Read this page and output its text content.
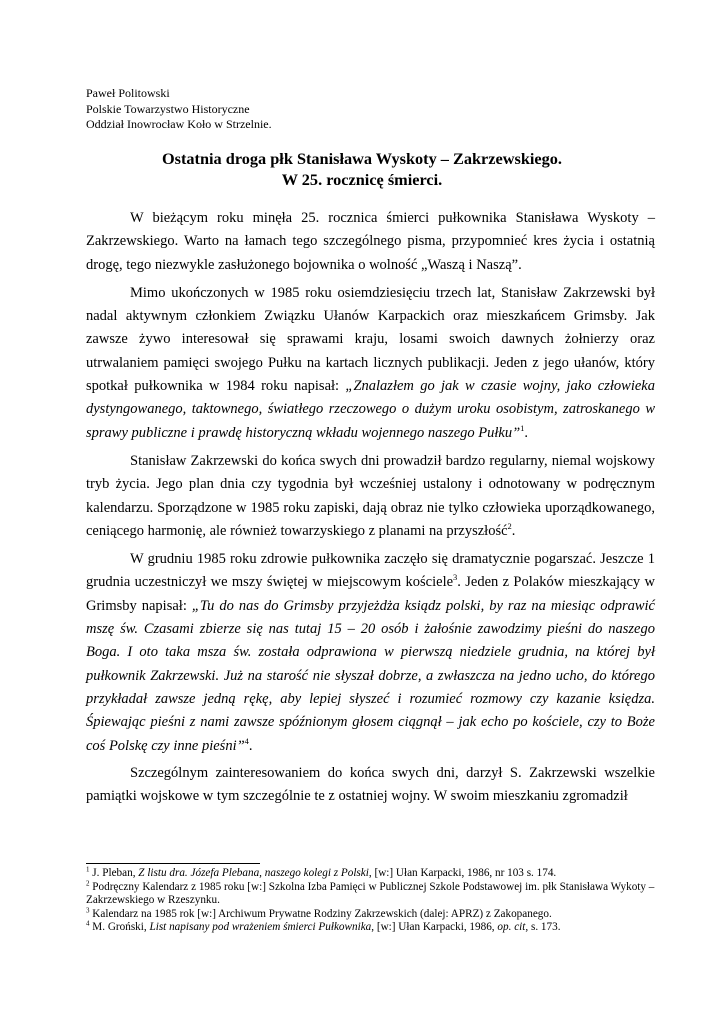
Paweł Politowski
Polskie Towarzystwo Historyczne
Oddział Inowrocław Koło w Strzelnie.
Ostatnia droga płk Stanisława Wyskoty – Zakrzewskiego.
W 25. rocznicę śmierci.

W bieżącym roku minęła 25. rocznica śmierci pułkownika Stanisława Wyskoty – Zakrzewskiego. Warto na łamach tego szczególnego pisma, przypomnieć kres życia i ostatnią drogę, tego niezwykle zasłużonego bojownika o wolność „Waszą i Naszą”.

Mimo ukończonych w 1985 roku osiemdziesięciu trzech lat, Stanisław Zakrzewski był nadal aktywnym członkiem Związku Ułanów Karpackich oraz mieszkańcem Grimsby. Jak zawsze żywo interesował się sprawami kraju, losami swoich dawnych żołnierzy oraz utrwalaniem pamięci swojego Pułku na kartach licznych publikacji. Jeden z jego ułanów, który spotkał pułkownika w 1984 roku napisał: „Znalazłem go jak w czasie wojny, jako człowieka dystyngowanego, taktownego, światłego rzeczowego o dużym uroku osobistym, zatroskanego w sprawy publiczne i prawdę historyczną wkładu wojennego naszego Pułku”$^1$.

Stanisław Zakrzewski do końca swych dni prowadził bardzo regularny, niemal wojskowy tryb życia. Jego plan dnia czy tygodnia był wcześniej ustalony i odnotowany w podręcznym kalendarzu. Sporządzone w 1985 roku zapiski, dają obraz nie tylko człowieka uporządkowanego, ceniącego harmonię, ale również towarzyskiego z planami na przyszłość$^2$.

W grudniu 1985 roku zdrowie pułkownika zaczęło się dramatycznie pogarszać. Jeszcze 1 grudnia uczestniczył we mszy świętej w miejscowym kościele$^3$. Jeden z Polaków mieszkający w Grimsby napisał: „Tu do nas do Grimsby przyjeżdża ksiądz polski, by raz na miesiąc odprawić mszę św. Czasami zbierze się nas tutaj 15 – 20 osób i żałośnie zawodzimy pieśni do naszego Boga. I oto taka msza św. została odprawiona w pierwszą niedziele grudnia, na której był pułkownik Zakrzewski. Już na starość nie słyszał dobrze, a zwłaszcza na jedno ucho, do którego przykładał zawsze jedną rękę, aby lepiej słyszeć i rozumieć rozmowy czy kazanie księdza. Śpiewając pieśni z nami zawsze spóźnionym głosem ciągnął – jak echo po kościele, czy to Boże coś Polskę czy inne pieśni”$^4$.

Szczególnym zainteresowaniem do końca swych dni, darzył S. Zakrzewski wszelkie pamiątki wojskowe w tym szczególnie te z ostatniej wojny. W swoim mieszkaniu zgromadził

$^1$ J. Pleban, Z listu dra. Józefa Plebana, naszego kolegi z Polski, [w:] Ułan Karpacki, 1986, nr 103 s. 174.

$^2$ Podręczny Kalendarz z 1985 roku [w:] Szkolna Izba Pamięci w Publicznej Szkole Podstawowej im. płk Stanisława Wykoty – Zakrzewskiego w Rzeszynku.

$^3$ Kalendarz na 1985 rok [w:] Archiwum Prywatne Rodziny Zakrzewskich (dalej: APRZ) z Zakopanego.

$^4$ M. Groński, List napisany pod wrażeniem śmierci Pułkownika, [w:] Ułan Karpacki, 1986, op. cit, s. 173.
